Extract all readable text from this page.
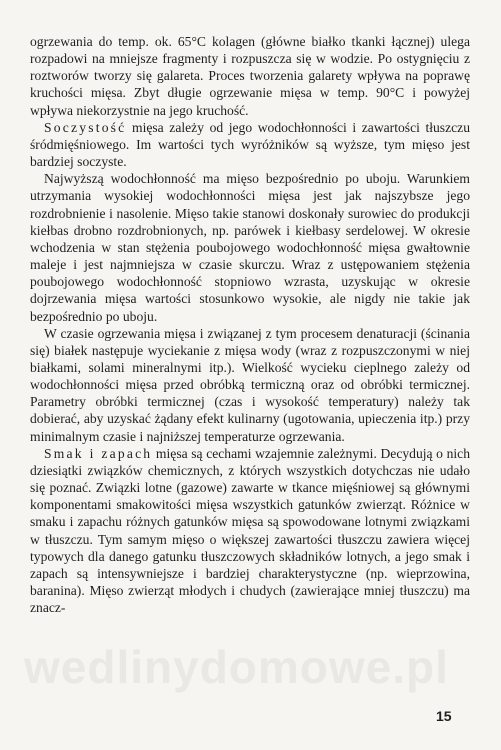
wedlinydomowe.pl

ogrzewania do temp. ok. 65°C kolagen (główne białko tkanki łącznej) ulega rozpadowi na mniejsze fragmenty i rozpuszcza się w wodzie. Po ostygnięciu z roztworów tworzy się galareta. Proces tworzenia galarety wpływa na poprawę kruchości mięsa. Zbyt długie ogrzewanie mięsa w temp. 90°C i powyżej wpływa niekorzystnie na jego kruchość.

Soczystość mięsa zależy od jego wodochłonności i zawartości tłuszczu śródmięśniowego. Im wartości tych wyróżników są wyższe, tym mięso jest bardziej soczyste.

Najwyższą wodochłonność ma mięso bezpośrednio po uboju. Warunkiem utrzymania wysokiej wodochłonności mięsa jest jak najszybsze jego rozdrobnienie i nasolenie. Mięso takie stanowi doskonały surowiec do produkcji kiełbas drobno rozdrobnionych, np. parówek i kiełbasy serdelowej. W okresie wchodzenia w stan stężenia poubojowego wodochłonność mięsa gwałtownie maleje i jest najmniejsza w czasie skurczu. Wraz z ustępowaniem stężenia poubojowego wodochłonność stopniowo wzrasta, uzyskując w okresie dojrzewania mięsa wartości stosunkowo wysokie, ale nigdy nie takie jak bezpośrednio po uboju.

W czasie ogrzewania mięsa i związanej z tym procesem denaturacji (ścinania się) białek następuje wyciekanie z mięsa wody (wraz z rozpuszczonymi w niej białkami, solami mineralnymi itp.). Wielkość wycieku cieplnego zależy od wodochłonności mięsa przed obróbką termiczną oraz od obróbki termicznej. Parametry obróbki termicznej (czas i wysokość temperatury) należy tak dobierać, aby uzyskać żądany efekt kulinarny (ugotowania, upieczenia itp.) przy minimalnym czasie i najniższej temperaturze ogrzewania.

Smak i zapach mięsa są cechami wzajemnie zależnymi. Decydują o nich dziesiątki związków chemicznych, z których wszystkich dotychczas nie udało się poznać. Związki lotne (gazowe) zawarte w tkance mięśniowej są głównymi komponentami smakowitości mięsa wszystkich gatunków zwierząt. Różnice w smaku i zapachu różnych gatunków mięsa są spowodowane lotnymi związkami w tłuszczu. Tym samym mięso o większej zawartości tłuszczu zawiera więcej typowych dla danego gatunku tłuszczowych składników lotnych, a jego smak i zapach są intensywniejsze i bardziej charakterystyczne (np. wieprzowina, baranina). Mięso zwierząt młodych i chudych (zawierające mniej tłuszczu) ma znacz-

15
